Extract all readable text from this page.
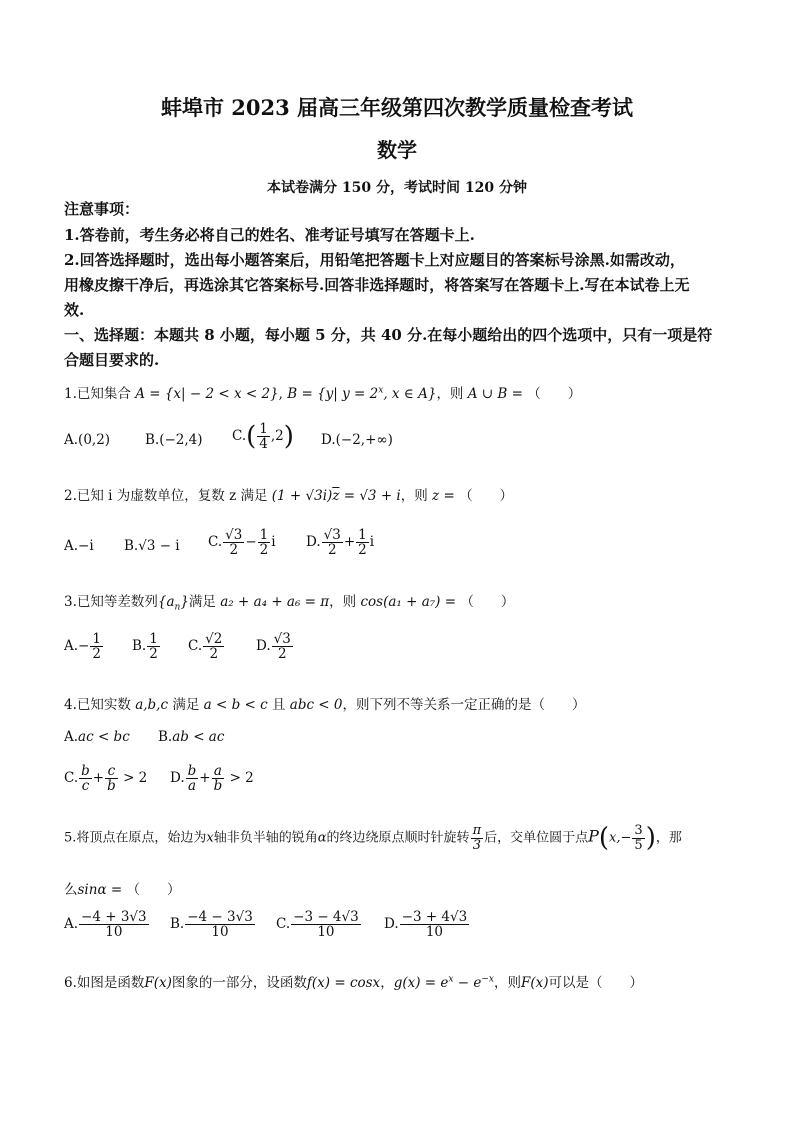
蚌埠市 2023 届高三年级第四次教学质量检查考试
数学
本试卷满分 150 分，考试时间 120 分钟
注意事项：
1.答卷前，考生务必将自己的姓名、准考证号填写在答题卡上.
2.回答选择题时，选出每小题答案后，用铅笔把答题卡上对应题目的答案标号涂黑.如需改动，
用橡皮擦干净后，再选涂其它答案标号.回答非选择题时，将答案写在答题卡上.写在本试卷上无
效.
一、选择题：本题共 8 小题，每小题 5 分，共 40 分.在每小题给出的四个选项中，只有一项是符
合题目要求的.
1.已知集合 A = {x| − 2 < x < 2}, B = {y| $y = 2^x$, x ∈ A}，则 A ∪ B = （　　）
A.(0,2)	B.(−2,4) $C.( \frac{1}{4} ,2)$ D.(−2,+∞)
2.已知 i 为虚数单位，复数 z 满足 $(1 + √3i)\overline{z} = √3 + i$，则 z = （　　）
A.−i B.√3 − i C. $\frac{√3}{2} - \frac{1}{2}$ i D. $\frac{√3}{2} + \frac{1}{2}$ i
3.已知等差数列$\{a_n\}$满足 a₂ + a₄ + a₆ = π，则 cos(a₁ + a₇) = （　　）
$A.- \frac{1}{2} B$. $\frac{1}{2} C$. $\frac{√2}{2} D$. $\frac{√3}{2}$
4.已知实数 a,b,c 满足 a < b < c 且 abc < 0，则下列不等关系一定正确的是（　　）
A.ac < bc B.ab < ac
C. $\frac{b}{c} + \frac{c}{b} > 2$ D. $\frac{b}{a} + \frac{a}{b} > 2$
5.将顶点在原点，始边为x轴非负半轴的锐角α的终边绕原点顺时针旋转 $\frac{\pi}{3}$ 后，交单位圆于点$P(x,- \frac{3}{5}$ )，那
么sinα = （　　）
A. $\frac{-4 + 3√3}{10} B$. $\frac{-4 - 3√3}{10} C$. $\frac{-3 - 4√3}{10} D$. $\frac{-3 + 4√3}{10}$
6.如图是函数F(x)图象的一部分，设函数f(x) = cosx，$g(x) = e^x - e^{-x}$，则F(x)可以是（　　）
